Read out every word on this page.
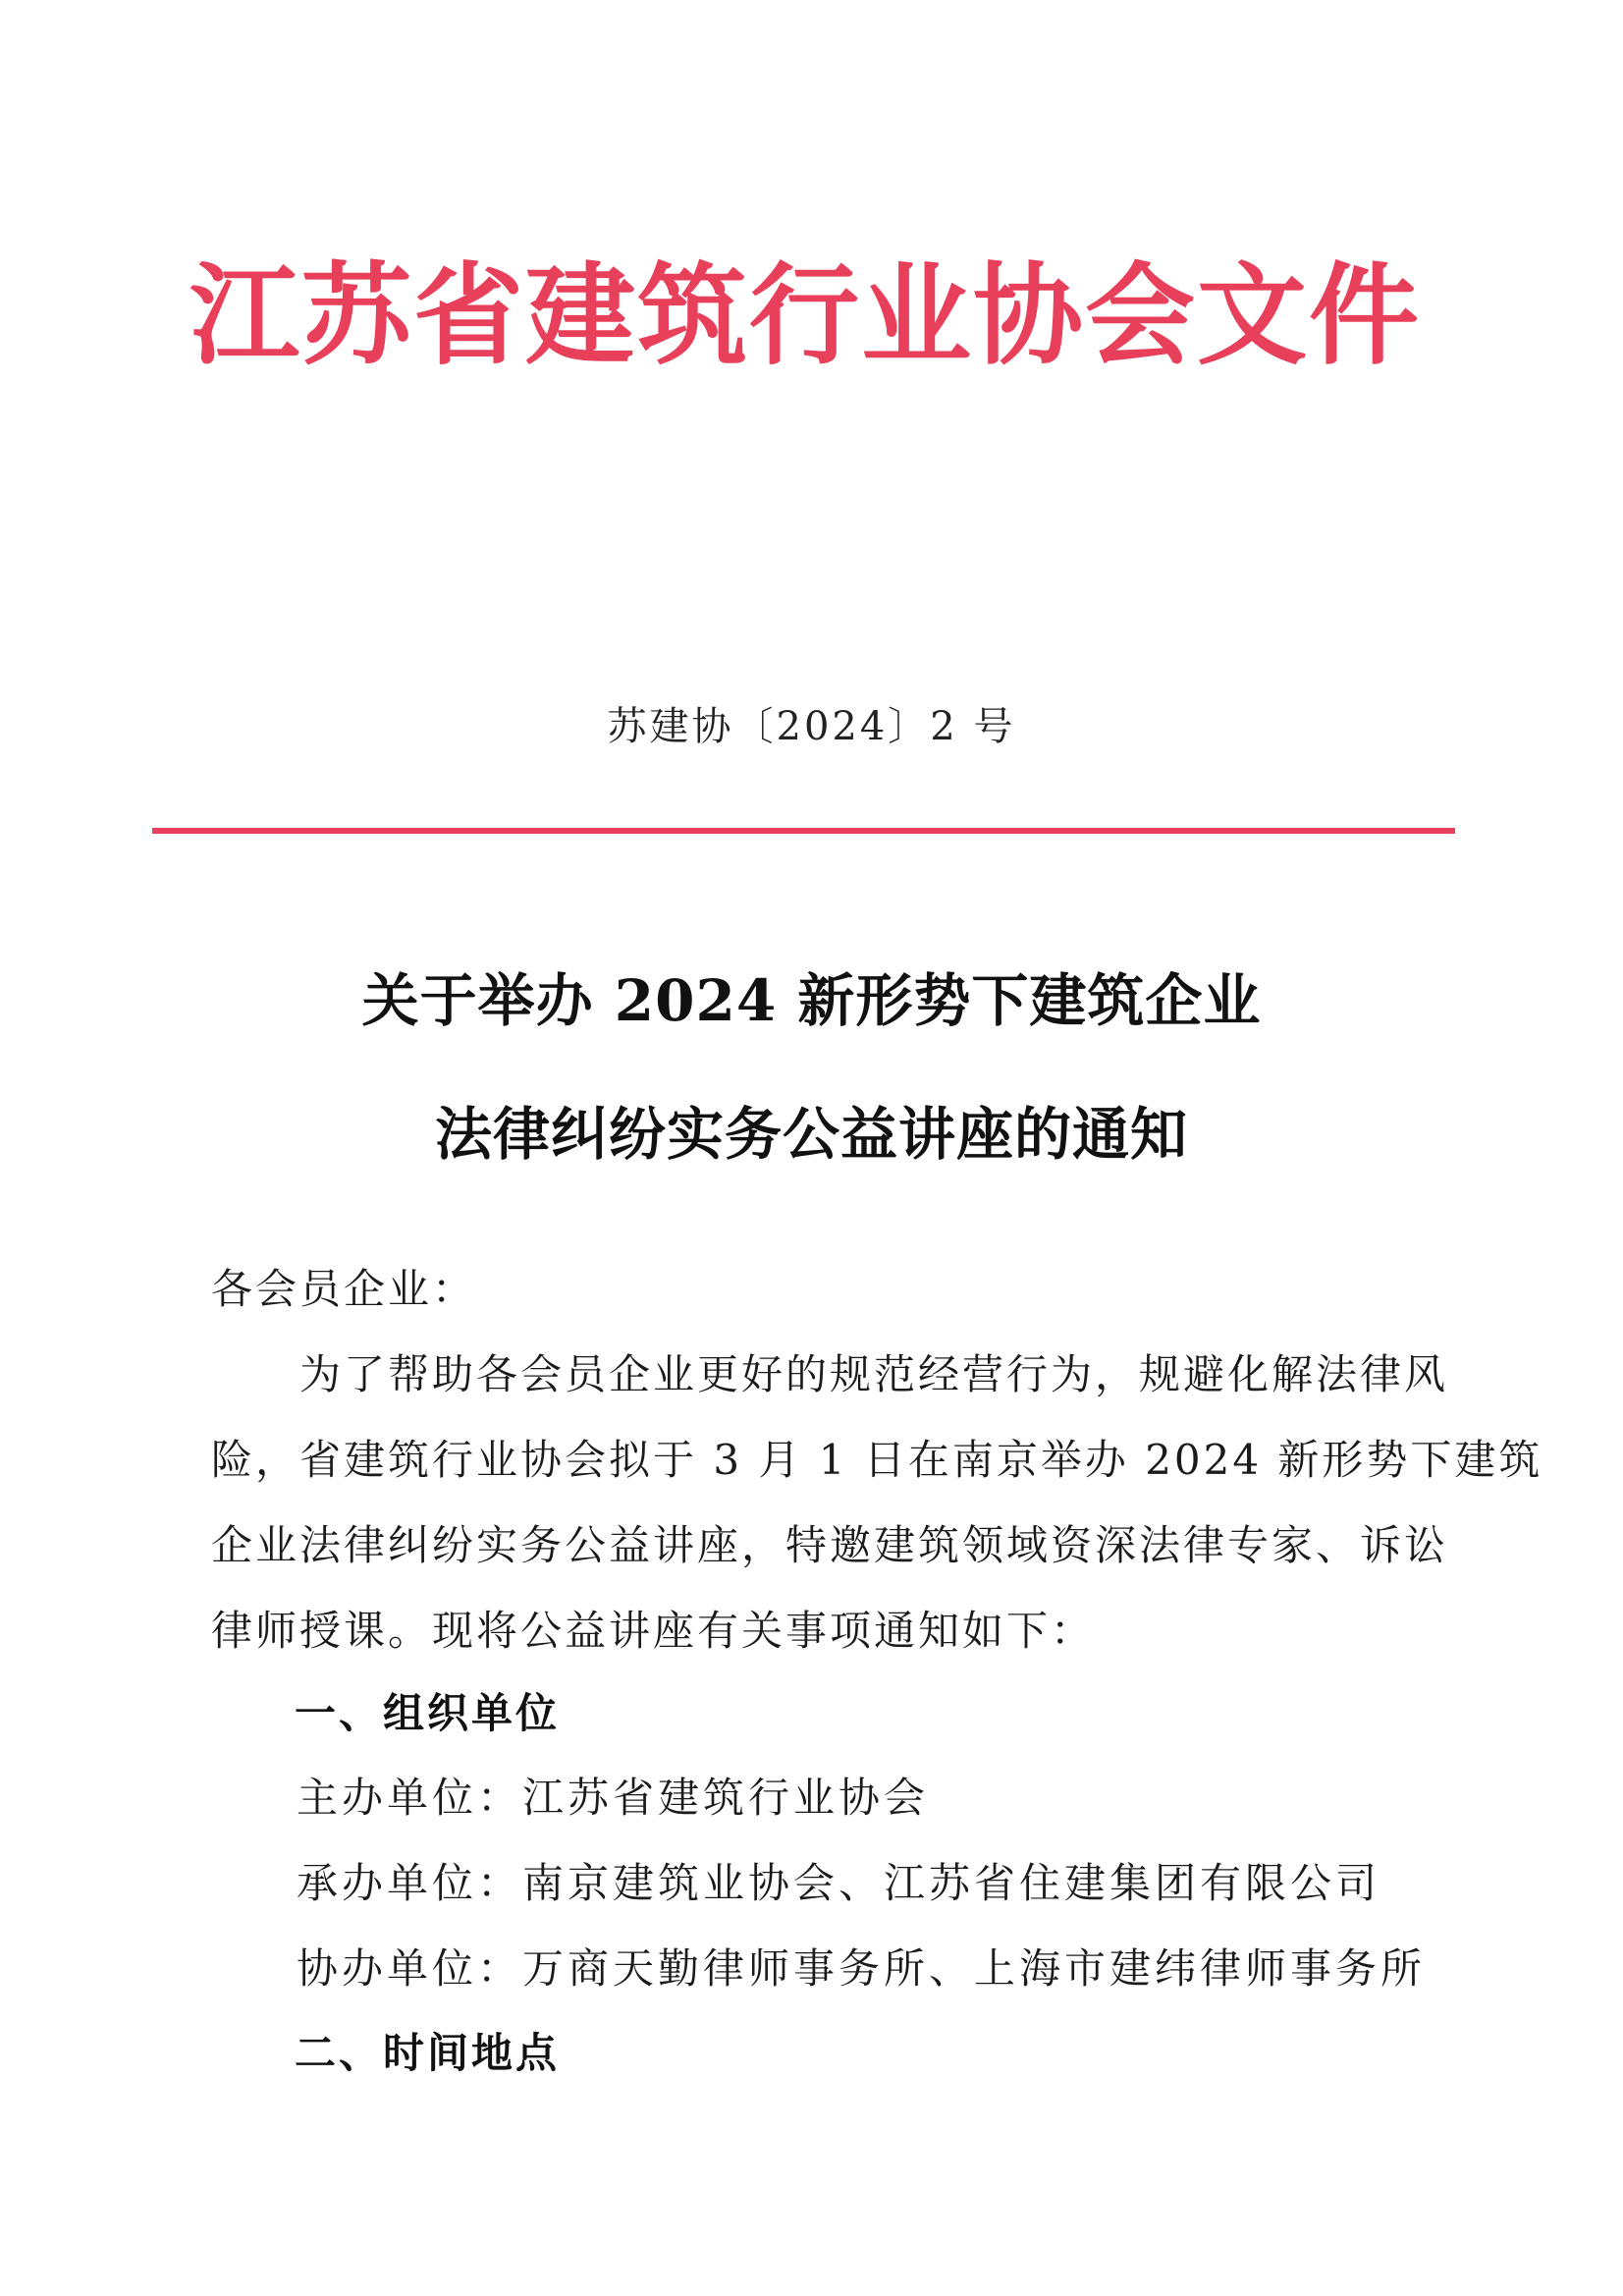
江苏省建筑行业协会文件
苏建协〔2024〕2 号
关于举办 2024 新形势下建筑企业
法律纠纷实务公益讲座的通知
各会员企业：
为了帮助各会员企业更好的规范经营行为，规避化解法律风
险，省建筑行业协会拟于 3 月 1 日在南京举办 2024 新形势下建筑
企业法律纠纷实务公益讲座，特邀建筑领域资深法律专家、诉讼
律师授课。现将公益讲座有关事项通知如下：
一、组织单位
主办单位：江苏省建筑行业协会
承办单位：南京建筑业协会、江苏省住建集团有限公司
协办单位：万商天勤律师事务所、上海市建纬律师事务所
二、时间地点
